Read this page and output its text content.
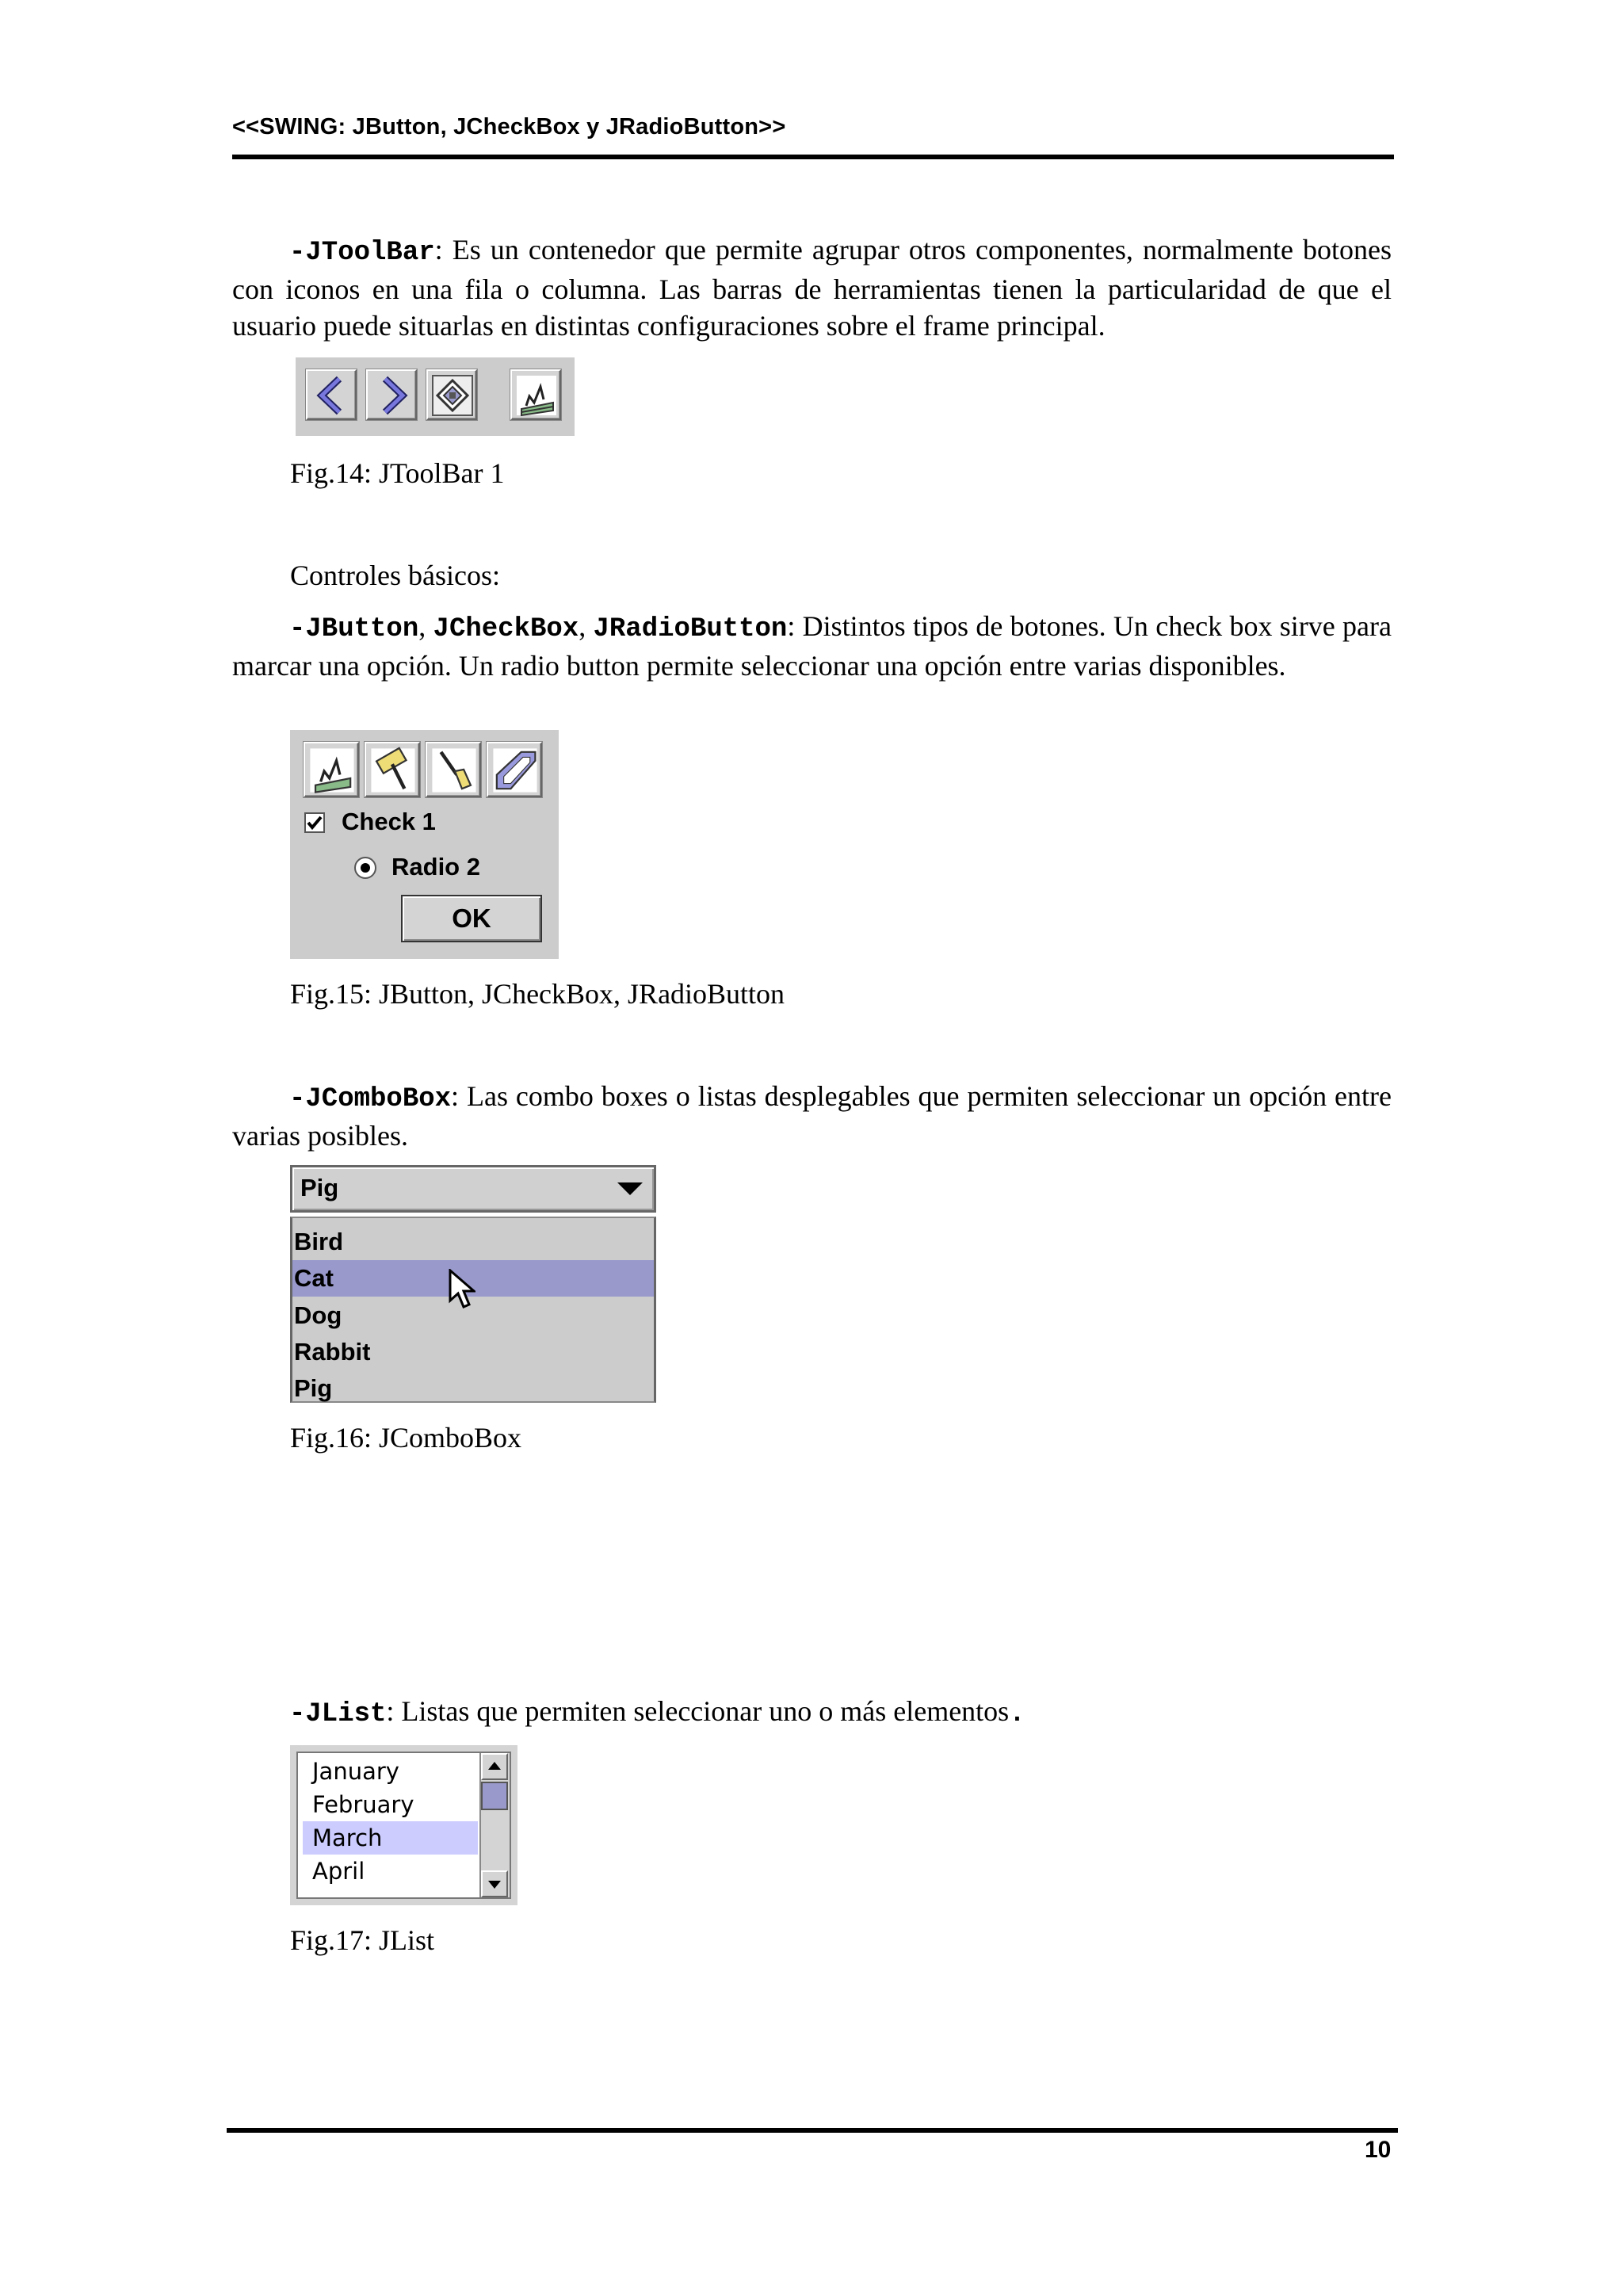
<<SWING: JButton, JCheckBox y JRadioButton>>
-JToolBar: Es un contenedor que permite agrupar otros componentes, normalmente botones con iconos en una fila o columna. Las barras de herramientas tienen la particularidad de que el usuario puede situarlas en distintas configuraciones sobre el frame principal.
Fig.14: JToolBar 1
Controles básicos:
-JButton, JCheckBox, JRadioButton: Distintos tipos de botones. Un check box sirve para marcar una opción. Un radio button permite seleccionar una opción entre varias disponibles.
Check 1
Radio 2
OK
Fig.15: JButton, JCheckBox, JRadioButton
-JComboBox: Las combo boxes o listas desplegables que permiten seleccionar un opción entre varias posibles.
Pig
Bird
Cat
Dog
Rabbit
Pig
Fig.16: JComboBox
-JList: Listas que permiten seleccionar uno o más elementos.
January
February
March
April
Fig.17: JList
10
